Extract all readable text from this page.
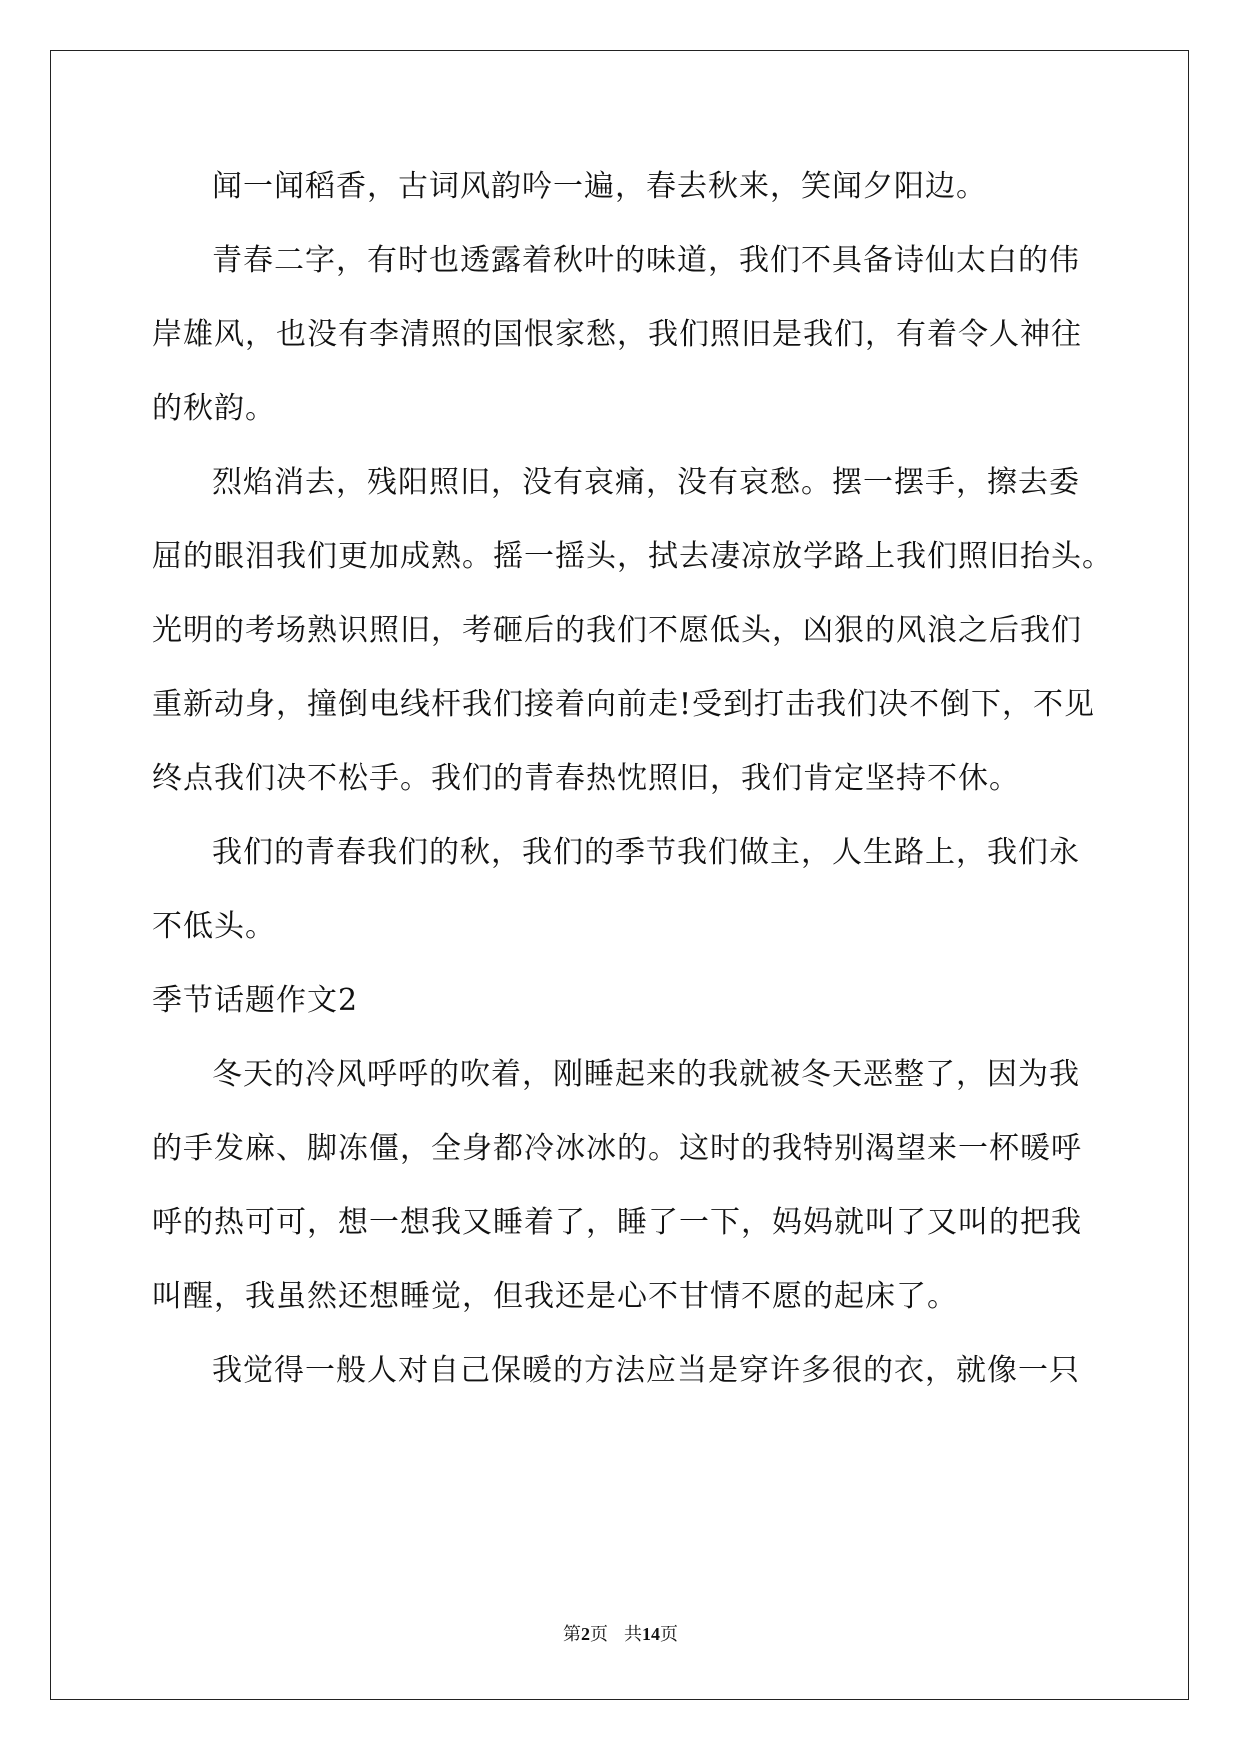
闻一闻稻香，古词风韵吟一遍，春去秋来，笑闻夕阳边。
青春二字，有时也透露着秋叶的味道，我们不具备诗仙太白的伟
岸雄风，也没有李清照的国恨家愁，我们照旧是我们，有着令人神往
的秋韵。
烈焰消去，残阳照旧，没有哀痛，没有哀愁。摆一摆手，擦去委
屈的眼泪我们更加成熟。摇一摇头，拭去凄凉放学路上我们照旧抬头。
光明的考场熟识照旧，考砸后的我们不愿低头，凶狠的风浪之后我们
重新动身，撞倒电线杆我们接着向前走!受到打击我们决不倒下，不见
终点我们决不松手。我们的青春热忱照旧，我们肯定坚持不休。
我们的青春我们的秋，我们的季节我们做主，人生路上，我们永
不低头。
季节话题作文2
冬天的冷风呼呼的吹着，刚睡起来的我就被冬天恶整了，因为我
的手发麻、脚冻僵，全身都冷冰冰的。这时的我特别渴望来一杯暖呼
呼的热可可，想一想我又睡着了，睡了一下，妈妈就叫了又叫的把我
叫醒，我虽然还想睡觉，但我还是心不甘情不愿的起床了。
我觉得一般人对自己保暖的方法应当是穿许多很的衣，就像一只
第2页 共14页
